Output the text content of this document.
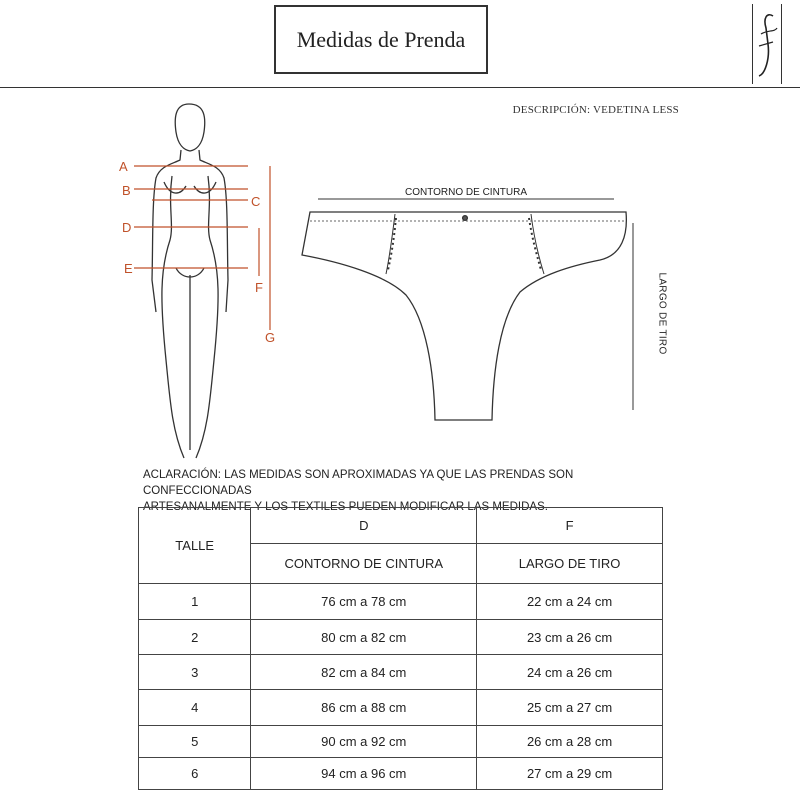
Medidas de Prenda
DESCRIPCIÓN: VEDETINA LESS
A
B
C
D
E
F
G
CONTORNO DE CINTURA
LARGO DE TIRO
ACLARACIÓN: LAS MEDIDAS SON APROXIMADAS YA QUE LAS PRENDAS SON CONFECCIONADAS
ARTESANALMENTE Y LOS TEXTILES PUEDEN MODIFICAR LAS MEDIDAS.
TALLE	D	F
	CONTORNO DE CINTURA	LARGO DE TIRO
1	76 cm a 78 cm	22 cm a 24 cm
2	80 cm a 82 cm	23 cm a 26 cm
3	82 cm a 84 cm	24 cm a 26 cm
4	86 cm a 88 cm	25 cm a 27 cm
5	90 cm a 92 cm	26 cm a 28 cm
6	94 cm a 96 cm	27 cm a 29 cm
